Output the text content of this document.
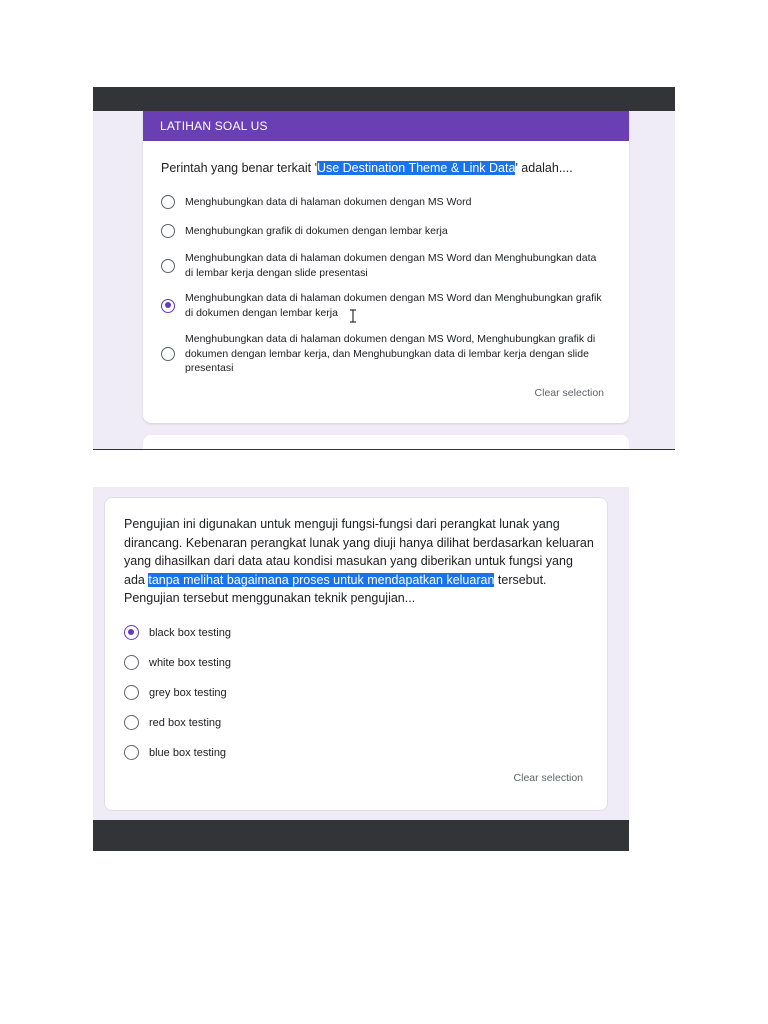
LATIHAN SOAL US
Perintah yang benar terkait 'Use Destination Theme & Link Data' adalah....
Menghubungkan data di halaman dokumen dengan MS Word
Menghubungkan grafik di dokumen dengan lembar kerja
Menghubungkan data di halaman dokumen dengan MS Word dan Menghubungkan data di lembar kerja dengan slide presentasi
Menghubungkan data di halaman dokumen dengan MS Word dan Menghubungkan grafik di dokumen dengan lembar kerja
Menghubungkan data di halaman dokumen dengan MS Word, Menghubungkan grafik di dokumen dengan lembar kerja, dan Menghubungkan data di lembar kerja dengan slide presentasi
Clear selection
Pengujian ini digunakan untuk menguji fungsi-fungsi dari perangkat lunak yang dirancang. Kebenaran perangkat lunak yang diuji hanya dilihat berdasarkan keluaran yang dihasilkan dari data atau kondisi masukan yang diberikan untuk fungsi yang ada tanpa melihat bagaimana proses untuk mendapatkan keluaran tersebut. Pengujian tersebut menggunakan teknik pengujian...
black box testing
white box testing
grey box testing
red box testing
blue box testing
Clear selection
